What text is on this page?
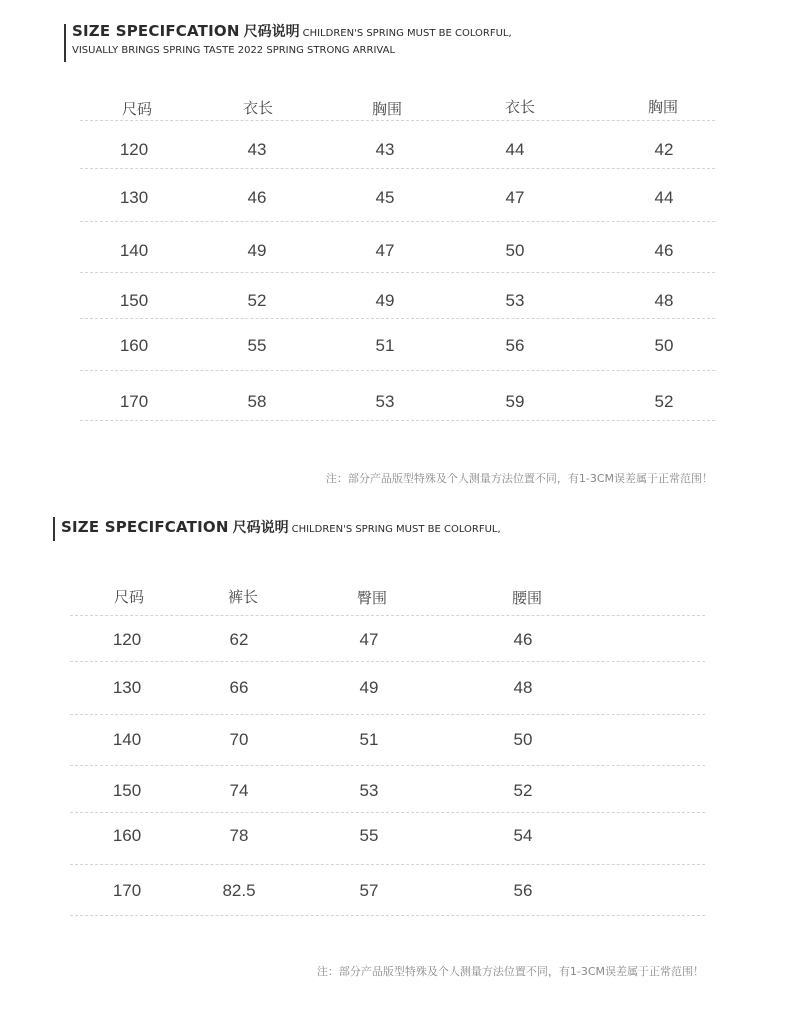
SIZE SPECIFCATION 尺码说明 CHILDREN'S SPRING MUST BE COLORFUL,
VISUALLY BRINGS SPRING TASTE 2022 SPRING STRONG ARRIVAL
尺码	衣长	胸围	衣长	胸围
120	43	43	44	42
130	46	45	47	44
140	49	47	50	46
150	52	49	53	48
160	55	51	56	50
170	58	53	59	52
注：部分产品版型特殊及个人测量方法位置不同，有1-3CM误差属于正常范围！
SIZE SPECIFCATION 尺码说明 CHILDREN'S SPRING MUST BE COLORFUL,
尺码	裤长	臀围	腰围
120	62	47	46
130	66	49	48
140	70	51	50
150	74	53	52
160	78	55	54
170	82.5	57	56
注：部分产品版型特殊及个人测量方法位置不同，有1-3CM误差属于正常范围！
